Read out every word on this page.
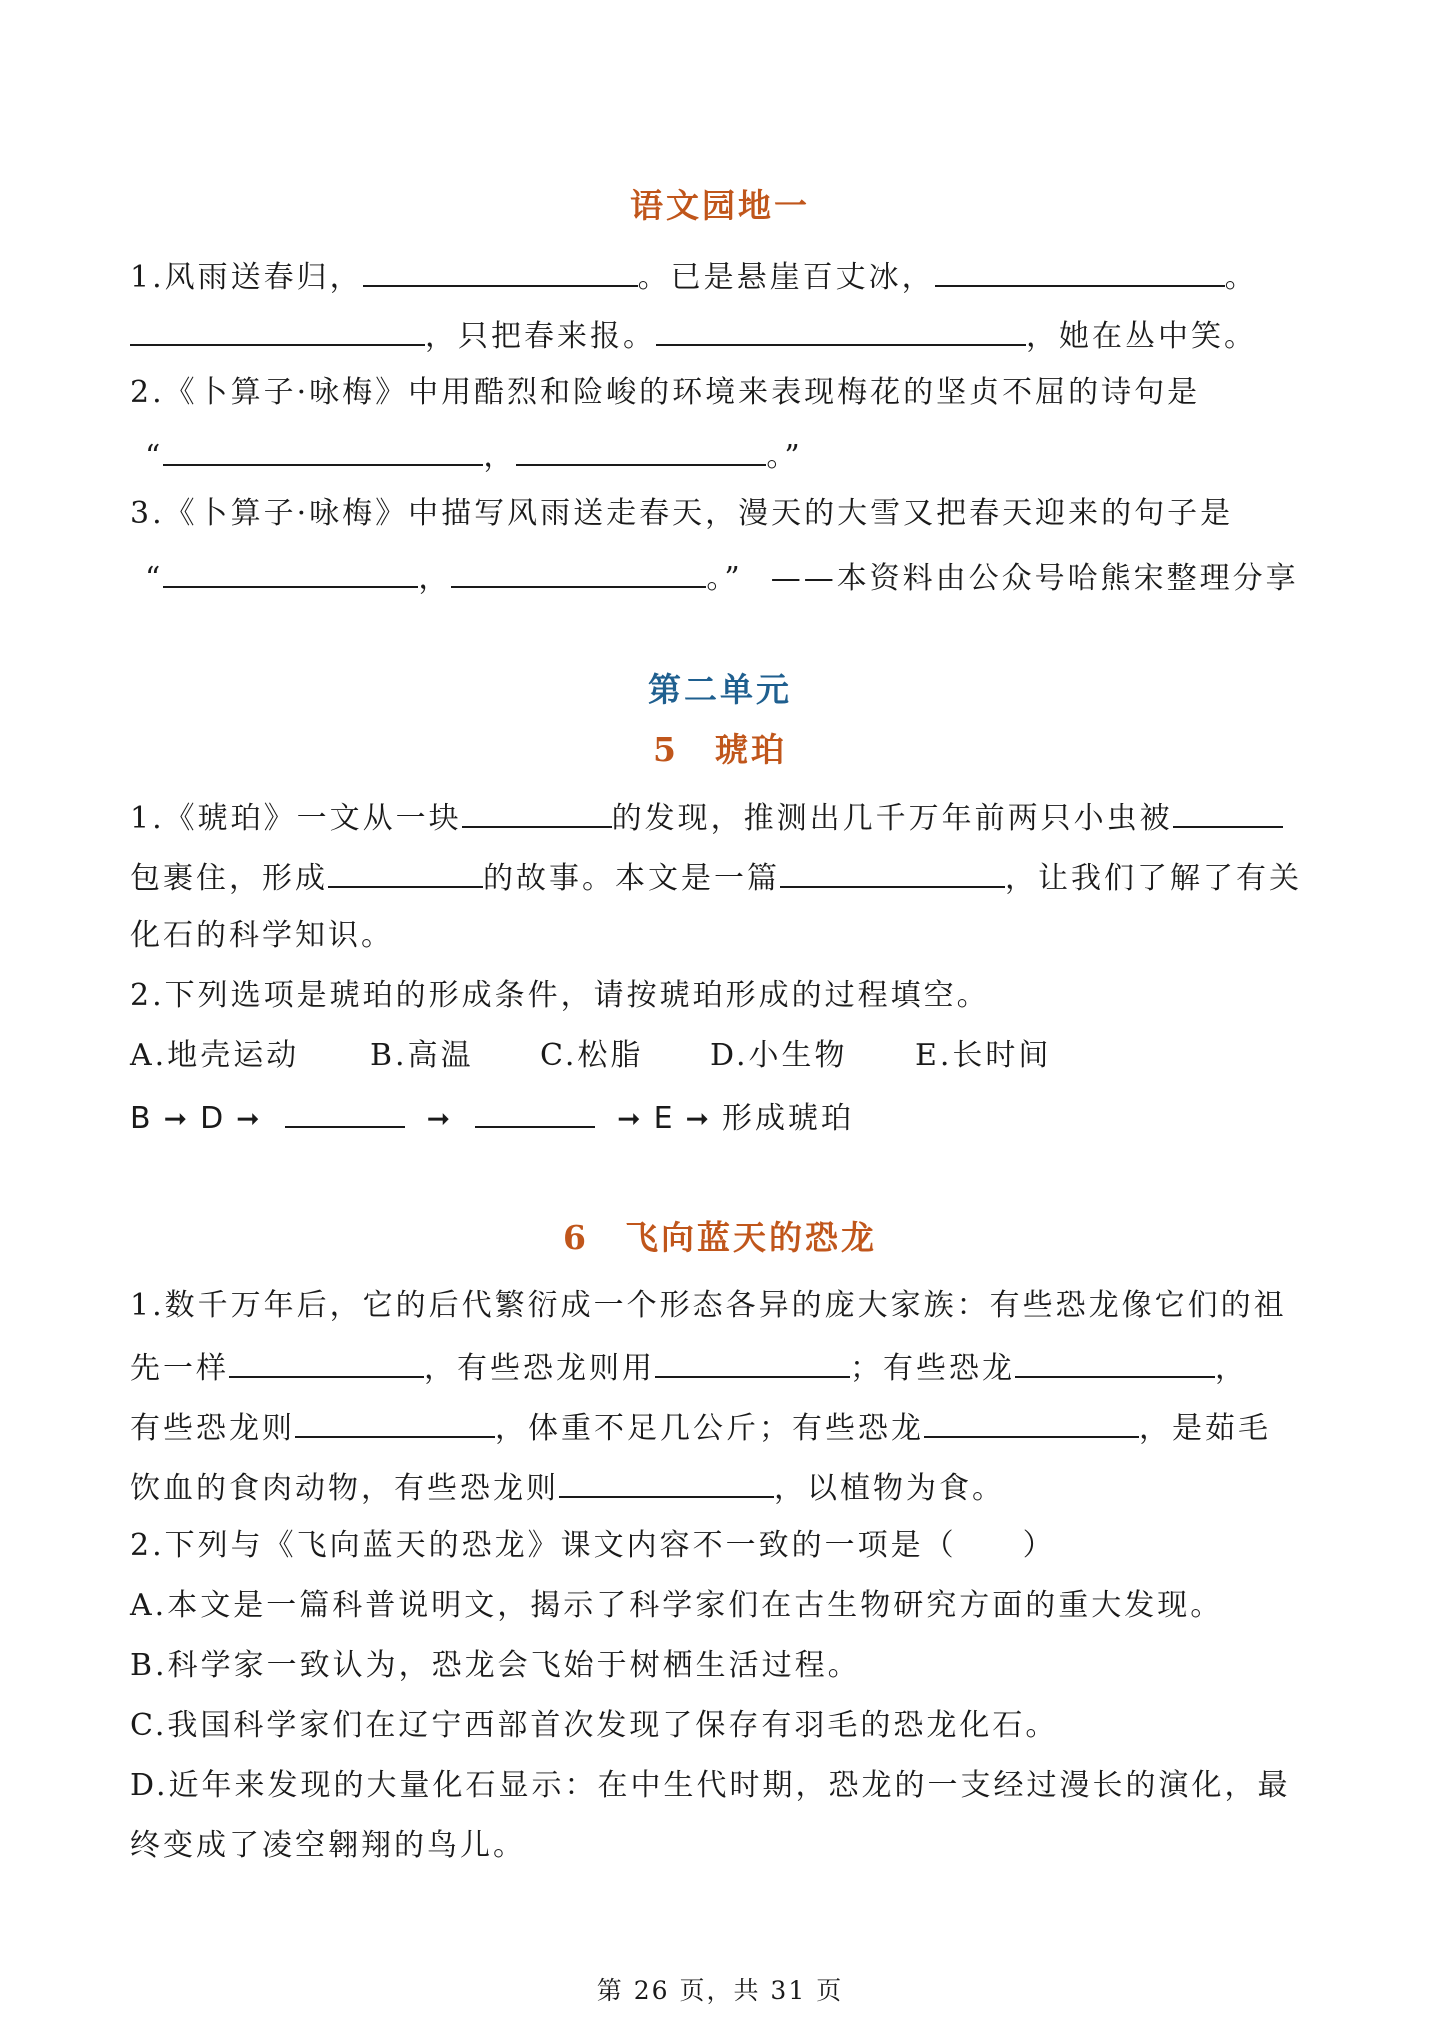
语文园地一
1.风雨送春归，	。已是悬崖百丈冰，	。
，只把春来报。	，她在丛中笑。
2.《卜算子·咏梅》中用酷烈和险峻的环境来表现梅花的坚贞不屈的诗句是
“	，	。”
3.《卜算子·咏梅》中描写风雨送走春天，漫天的大雪又把春天迎来的句子是
“	，	。” ——本资料由公众号哈熊宋整理分享
第二单元
5　琥珀
1.《琥珀》一文从一块	的发现，推测出几千万年前两只小虫被
包裹住，形成	的故事。本文是一篇	，让我们了解了有关
化石的科学知识。
2.下列选项是琥珀的形成条件，请按琥珀形成的过程填空。
A.地壳运动 B.高温 C.松脂 D.小生物 E.长时间
B ➞ D ➞	➞	➞ E ➞ 形成琥珀
6　飞向蓝天的恐龙
1.数千万年后，它的后代繁衍成一个形态各异的庞大家族：有些恐龙像它们的祖
先一样	，有些恐龙则用	；有些恐龙	，
有些恐龙则	，体重不足几公斤；有些恐龙	，是茹毛
饮血的食肉动物，有些恐龙则	，以植物为食。
2.下列与《飞向蓝天的恐龙》课文内容不一致的一项是（　　）
A.本文是一篇科普说明文，揭示了科学家们在古生物研究方面的重大发现。
B.科学家一致认为，恐龙会飞始于树栖生活过程。
C.我国科学家们在辽宁西部首次发现了保存有羽毛的恐龙化石。
D.近年来发现的大量化石显示：在中生代时期，恐龙的一支经过漫长的演化，最
终变成了凌空翱翔的鸟儿。
第 26 页，共 31 页
